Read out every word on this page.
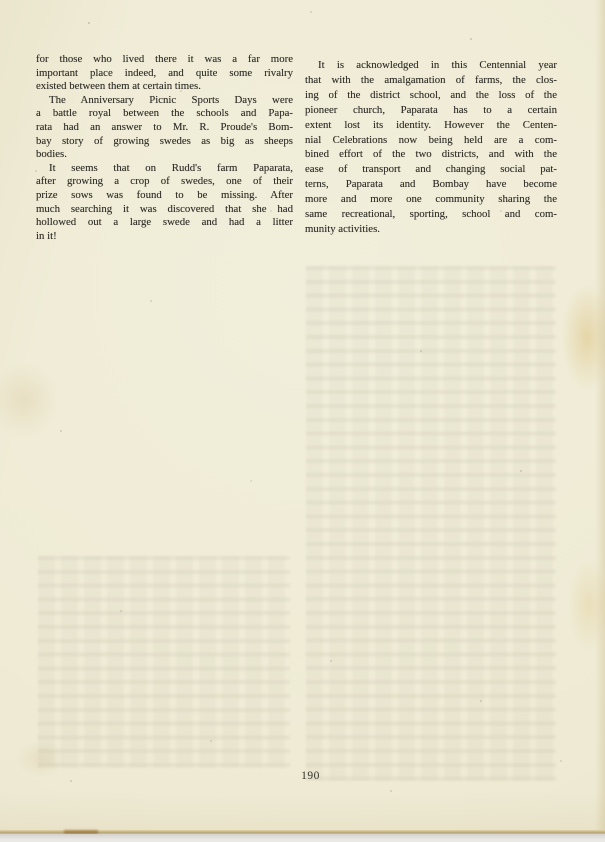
for those who lived there it was a far more
important place indeed, and quite some rivalry
existed between them at certain times.
The Anniversary Picnic Sports Days were
a battle royal between the schools and Papa-
rata had an answer to Mr. R. Proude's Bom-
bay story of growing swedes as big as sheeps
bodies.
It seems that on Rudd's farm Paparata,
after growing a crop of swedes, one of their
prize sows was found to be missing. After
much searching it was discovered that she had
hollowed out a large swede and had a litter
in it!
It is acknowledged in this Centennial year
that with the amalgamation of farms, the clos-
ing of the district school, and the loss of the
pioneer church, Paparata has to a certain
extent lost its identity. However the Centen-
nial Celebrations now being held are a com-
bined effort of the two districts, and with the
ease of transport and changing social pat-
terns, Paparata and Bombay have become
more and more one community sharing the
same recreational, sporting, school and com-
munity activities.
190
